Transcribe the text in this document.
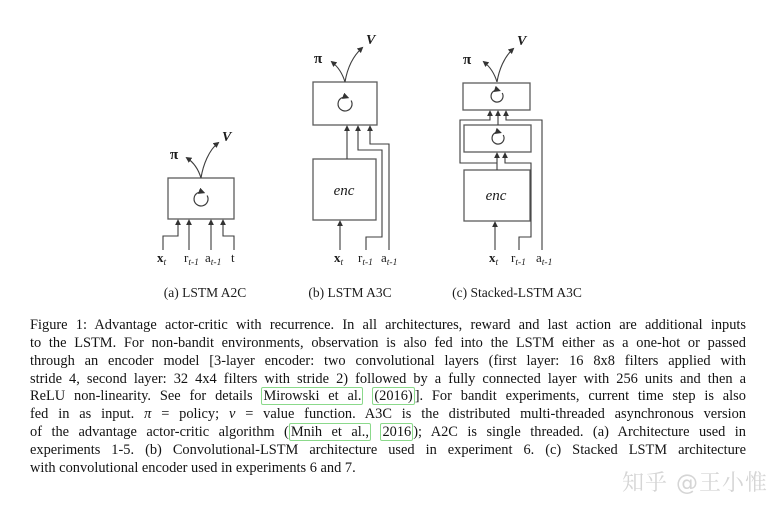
π
V
$x_t$ $r_{t-1}$ $a_{t-1}$ t
(a) LSTM A2C
enc
π
V
$x_t$ $r_{t-1}$ $a_{t-1}$
(b) LSTM A3C
enc
π
V
$x_t$ $r_{t-1}$ $a_{t-1}$
(c) Stacked-LSTM A3C
Figure 1: Advantage actor-critic with recurrence. In all architectures, reward and last action are additional inputs
to the LSTM. For non-bandit environments, observation is also fed into the LSTM either as a one-hot or passed
through an encoder model [3-layer encoder: two convolutional layers (first layer: 16 8x8 filters applied with
stride 4, second layer: 32 4x4 filters with stride 2) followed by a fully connected layer with 256 units and then a
ReLU non-linearity. See for details Mirowski et al. (2016) ]. For bandit experiments, current time step is also
fed in as input. π = policy; v = value function. A3C is the distributed multi-threaded asynchronous version
of the advantage actor-critic algorithm ( Mnih et al., 2016 ); A2C is single threaded. (a) Architecture used in
experiments 1-5. (b) Convolutional-LSTM architecture used in experiment 6. (c) Stacked LSTM architecture
with convolutional encoder used in experiments 6 and 7.
知乎 @王小惟
